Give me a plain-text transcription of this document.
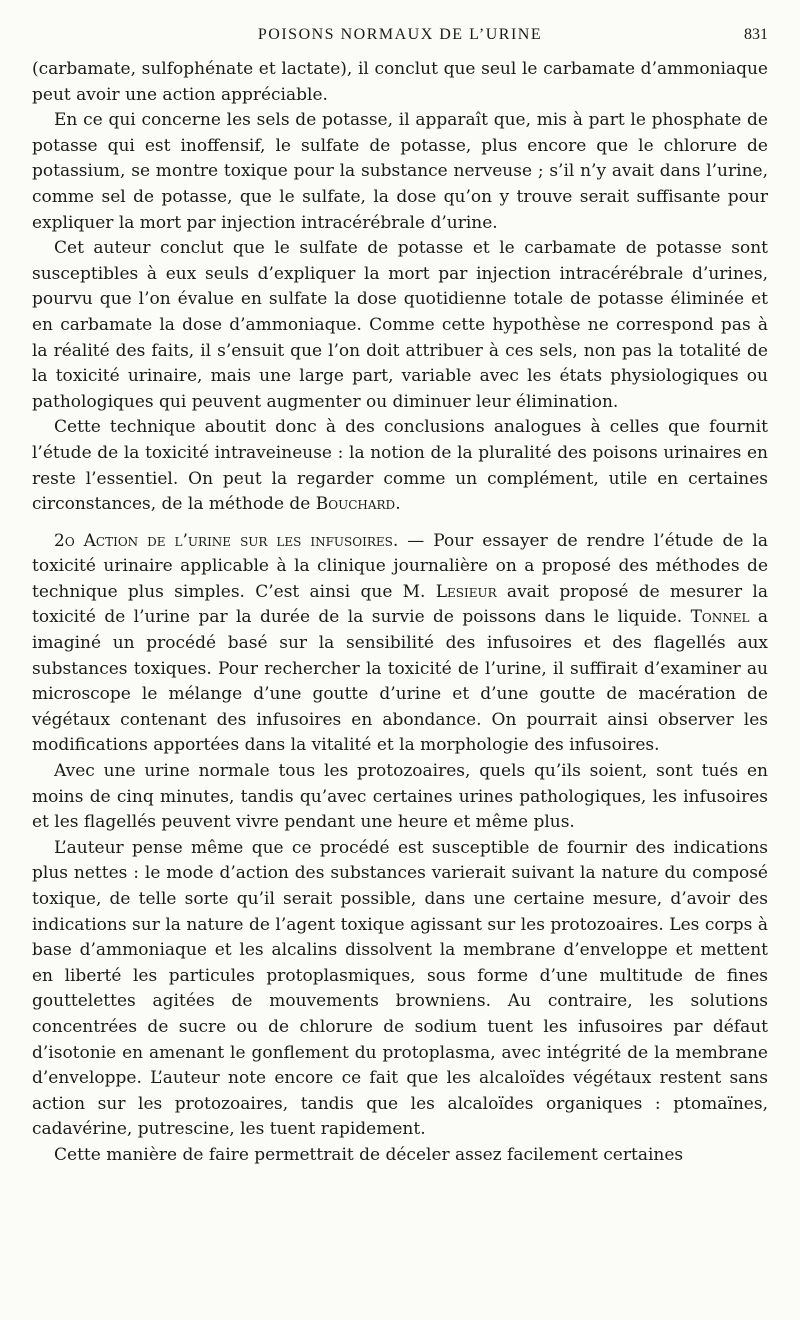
POISONS NORMAUX DE L’URINE	831

(carbamate, sulfophénate et lactate), il conclut que seul le carbamate d’ammoniaque peut avoir une action appréciable.

En ce qui concerne les sels de potasse, il apparaît que, mis à part le phosphate de potasse qui est inoffensif, le sulfate de potasse, plus encore que le chlorure de potassium, se montre toxique pour la substance nerveuse ; s’il n’y avait dans l’urine, comme sel de potasse, que le sulfate, la dose qu’on y trouve serait suffisante pour expliquer la mort par injection intracérébrale d’urine.

Cet auteur conclut que le sulfate de potasse et le carbamate de potasse sont susceptibles à eux seuls d’expliquer la mort par injection intracérébrale d’urines, pourvu que l’on évalue en sulfate la dose quotidienne totale de potasse éliminée et en carbamate la dose d’ammoniaque. Comme cette hypothèse ne correspond pas à la réalité des faits, il s’ensuit que l’on doit attribuer à ces sels, non pas la totalité de la toxicité urinaire, mais une large part, variable avec les états physiologiques ou pathologiques qui peuvent augmenter ou diminuer leur élimination.

Cette technique aboutit donc à des conclusions analogues à celles que fournit l’étude de la toxicité intraveineuse : la notion de la pluralité des poisons urinaires en reste l’essentiel. On peut la regarder comme un complément, utile en certaines circonstances, de la méthode de Bouchard.

2o Action de l’urine sur les infusoires. — Pour essayer de rendre l’étude de la toxicité urinaire applicable à la clinique journalière on a proposé des méthodes de technique plus simples. C’est ainsi que M. Lesieur avait proposé de mesurer la toxicité de l’urine par la durée de la survie de poissons dans le liquide. Tonnel a imaginé un procédé basé sur la sensibilité des infusoires et des flagellés aux substances toxiques. Pour rechercher la toxicité de l’urine, il suffirait d’examiner au microscope le mélange d’une goutte d’urine et d’une goutte de macération de végétaux contenant des infusoires en abondance. On pourrait ainsi observer les modifications apportées dans la vitalité et la morphologie des infusoires.

Avec une urine normale tous les protozoaires, quels qu’ils soient, sont tués en moins de cinq minutes, tandis qu’avec certaines urines pathologiques, les infusoires et les flagellés peuvent vivre pendant une heure et même plus.

L’auteur pense même que ce procédé est susceptible de fournir des indications plus nettes : le mode d’action des substances varierait suivant la nature du composé toxique, de telle sorte qu’il serait possible, dans une certaine mesure, d’avoir des indications sur la nature de l’agent toxique agissant sur les protozoaires. Les corps à base d’ammoniaque et les alcalins dissolvent la membrane d’enveloppe et mettent en liberté les particules protoplasmiques, sous forme d’une multitude de fines gouttelettes agitées de mouvements browniens. Au contraire, les solutions concentrées de sucre ou de chlorure de sodium tuent les infusoires par défaut d’isotonie en amenant le gonflement du protoplasma, avec intégrité de la membrane d’enveloppe. L’auteur note encore ce fait que les alcaloïdes végétaux restent sans action sur les protozoaires, tandis que les alcaloïdes organiques : ptomaïnes, cadavérine, putrescine, les tuent rapidement.

Cette manière de faire permettrait de déceler assez facilement certaines
